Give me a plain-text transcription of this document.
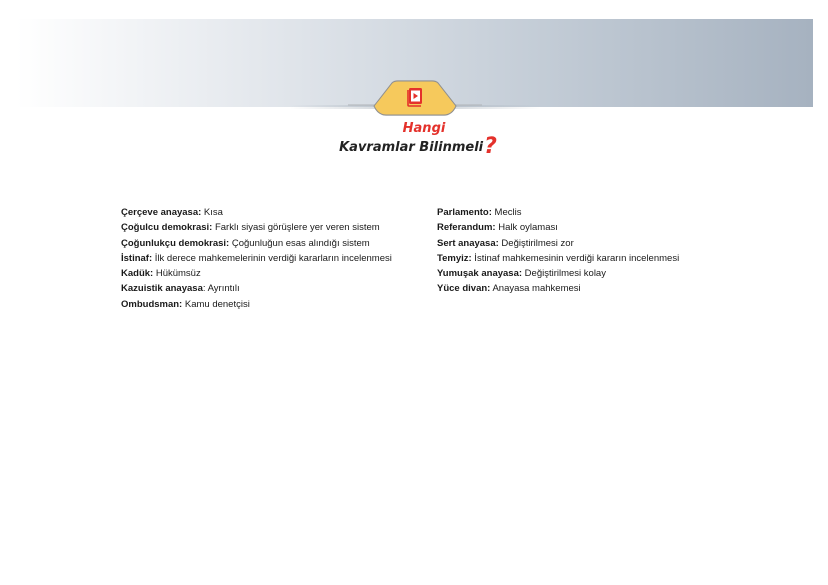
Hangi
Kavramlar Bilinmeli?
Çerçeve anayasa: Kısa
Çoğulcu demokrasi: Farklı siyasi görüşlere yer veren sistem
Çoğunlukçu demokrasi: Çoğunluğun esas alındığı sistem
İstinaf: İlk derece mahkemelerinin verdiği kararların incelenmesi
Kadük: Hükümsüz
Kazuistik anayasa: Ayrıntılı
Ombudsman: Kamu denetçisi
Parlamento: Meclis
Referandum: Halk oylaması
Sert anayasa: Değiştirilmesi zor
Temyiz: İstinaf mahkemesinin verdiği kararın incelenmesi
Yumuşak anayasa: Değiştirilmesi kolay
Yüce divan: Anayasa mahkemesi
